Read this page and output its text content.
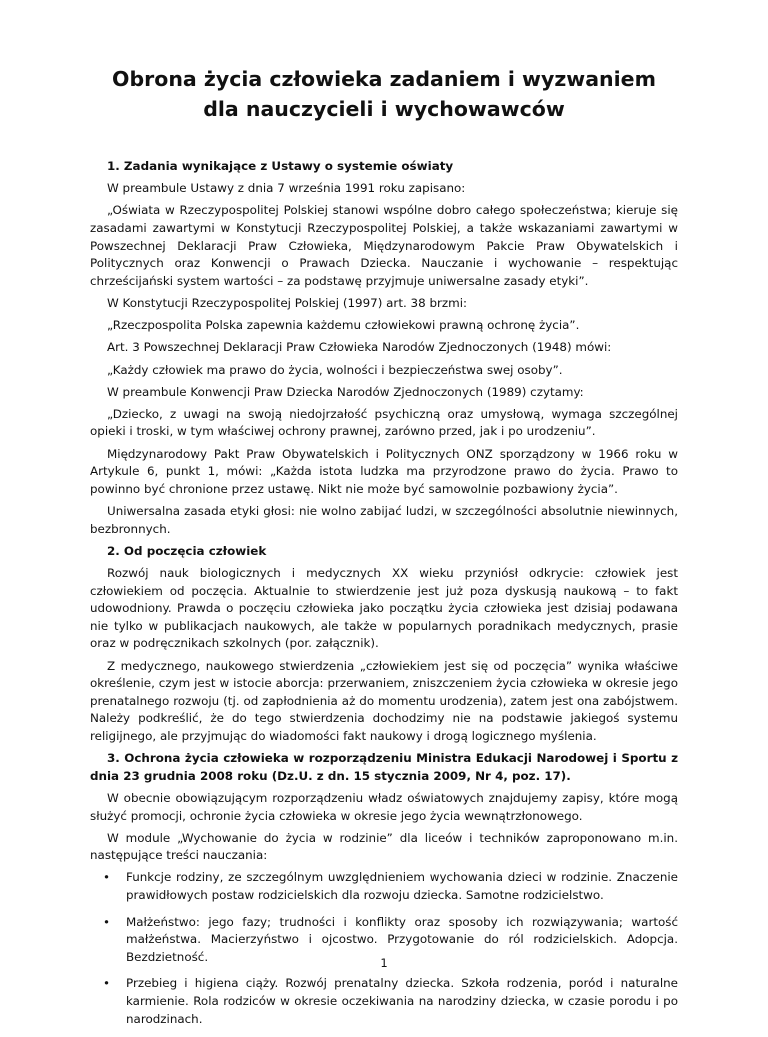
Obrona życia człowieka zadaniem i wyzwaniem
dla nauczycieli i wychowawców

1. Zadania wynikające z Ustawy o systemie oświaty

W preambule Ustawy z dnia 7 września 1991 roku zapisano:

„Oświata w Rzeczypospolitej Polskiej stanowi wspólne dobro całego społeczeństwa; kieruje się zasadami zawartymi w Konstytucji Rzeczypospolitej Polskiej, a także wskazaniami zawartymi w Powszechnej Deklaracji Praw Człowieka, Międzynarodowym Pakcie Praw Obywatelskich i Politycznych oraz Konwencji o Prawach Dziecka. Nauczanie i wychowanie – respektując chrześcijański system wartości – za podstawę przyjmuje uniwersalne zasady etyki”.

W Konstytucji Rzeczypospolitej Polskiej (1997) art. 38 brzmi:

„Rzeczpospolita Polska zapewnia każdemu człowiekowi prawną ochronę życia”.

Art. 3 Powszechnej Deklaracji Praw Człowieka Narodów Zjednoczonych (1948) mówi:

„Każdy człowiek ma prawo do życia, wolności i bezpieczeństwa swej osoby”.

W preambule Konwencji Praw Dziecka Narodów Zjednoczonych (1989) czytamy:

„Dziecko, z uwagi na swoją niedojrzałość psychiczną oraz umysłową, wymaga szczególnej opieki i troski, w tym właściwej ochrony prawnej, zarówno przed, jak i po urodzeniu”.

Międzynarodowy Pakt Praw Obywatelskich i Politycznych ONZ sporządzony w 1966 roku w Artykule 6, punkt 1, mówi: „Każda istota ludzka ma przyrodzone prawo do życia. Prawo to powinno być chronione przez ustawę. Nikt nie może być samowolnie pozbawiony życia”.

Uniwersalna zasada etyki głosi: nie wolno zabijać ludzi, w szczególności absolutnie niewinnych, bezbronnych.

2. Od poczęcia człowiek

Rozwój nauk biologicznych i medycznych XX wieku przyniósł odkrycie: człowiek jest człowiekiem od poczęcia. Aktualnie to stwierdzenie jest już poza dyskusją naukową – to fakt udowodniony. Prawda o poczęciu człowieka jako początku życia człowieka jest dzisiaj podawana nie tylko w publikacjach naukowych, ale także w popularnych poradnikach medycznych, prasie oraz w podręcznikach szkolnych (por. załącznik).

Z medycznego, naukowego stwierdzenia „człowiekiem jest się od poczęcia” wynika właściwe określenie, czym jest w istocie aborcja: przerwaniem, zniszczeniem życia człowieka w okresie jego prenatalnego rozwoju (tj. od zapłodnienia aż do momentu urodzenia), zatem jest ona zabójstwem. Należy podkreślić, że do tego stwierdzenia dochodzimy nie na podstawie jakiegoś systemu religijnego, ale przyjmując do wiadomości fakt naukowy i drogą logicznego myślenia.

3. Ochrona życia człowieka w rozporządzeniu Ministra Edukacji Narodowej i Sportu z dnia 23 grudnia 2008 roku (Dz.U. z dn. 15 stycznia 2009, Nr 4, poz. 17).

W obecnie obowiązującym rozporządzeniu władz oświatowych znajdujemy zapisy, które mogą służyć promocji, ochronie życia człowieka w okresie jego życia wewnątrzłonowego.

W module „Wychowanie do życia w rodzinie” dla liceów i techników zaproponowano m.in. następujące treści nauczania:

• Funkcje rodziny, ze szczególnym uwzględnieniem wychowania dzieci w rodzinie. Znaczenie prawidłowych postaw rodzicielskich dla rozwoju dziecka. Samotne rodzicielstwo.
• Małżeństwo: jego fazy; trudności i konflikty oraz sposoby ich rozwiązywania; wartość małżeństwa. Macierzyństwo i ojcostwo. Przygotowanie do ról rodzicielskich. Adopcja. Bezdzietność.
• Przebieg i higiena ciąży. Rozwój prenatalny dziecka. Szkoła rodzenia, poród i naturalne karmienie. Rola rodziców w okresie oczekiwania na narodziny dziecka, w czasie porodu i po narodzinach.
1
